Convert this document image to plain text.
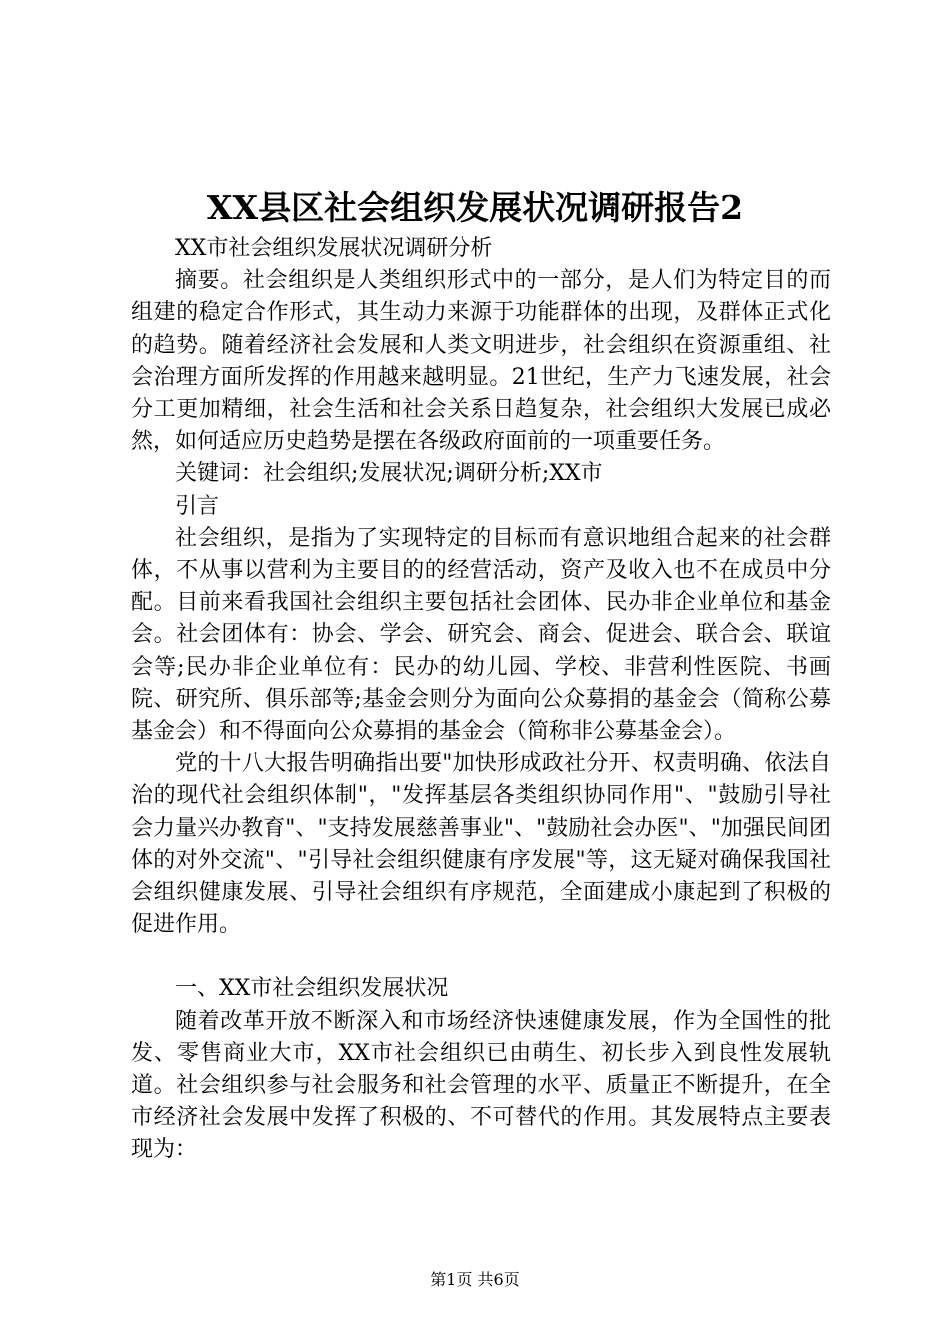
XX县区社会组织发展状况调研报告2

XX市社会组织发展状况调研分析

摘要。社会组织是人类组织形式中的一部分，是人们为特定目的而组建的稳定合作形式，其生动力来源于功能群体的出现，及群体正式化的趋势。随着经济社会发展和人类文明进步，社会组织在资源重组、社会治理方面所发挥的作用越来越明显。21世纪，生产力飞速发展，社会分工更加精细，社会生活和社会关系日趋复杂，社会组织大发展已成必然，如何适应历史趋势是摆在各级政府面前的一项重要任务。

关键词：社会组织;发展状况;调研分析;XX市

引言

社会组织，是指为了实现特定的目标而有意识地组合起来的社会群体，不从事以营利为主要目的的经营活动，资产及收入也不在成员中分配。目前来看我国社会组织主要包括社会团体、民办非企业单位和基金会。社会团体有：协会、学会、研究会、商会、促进会、联合会、联谊会等;民办非企业单位有：民办的幼儿园、学校、非营利性医院、书画院、研究所、俱乐部等;基金会则分为面向公众募捐的基金会（简称公募基金会）和不得面向公众募捐的基金会（简称非公募基金会）。

党的十八大报告明确指出要"加快形成政社分开、权责明确、依法自治的现代社会组织体制"，"发挥基层各类组织协同作用"、"鼓励引导社会力量兴办教育"、"支持发展慈善事业"、"鼓励社会办医"、"加强民间团体的对外交流"、"引导社会组织健康有序发展"等，这无疑对确保我国社会组织健康发展、引导社会组织有序规范，全面建成小康起到了积极的促进作用。

一、XX市社会组织发展状况

随着改革开放不断深入和市场经济快速健康发展，作为全国性的批发、零售商业大市，XX市社会组织已由萌生、初长步入到良性发展轨道。社会组织参与社会服务和社会管理的水平、质量正不断提升，在全市经济社会发展中发挥了积极的、不可替代的作用。其发展特点主要表现为：

第1页 共6页
